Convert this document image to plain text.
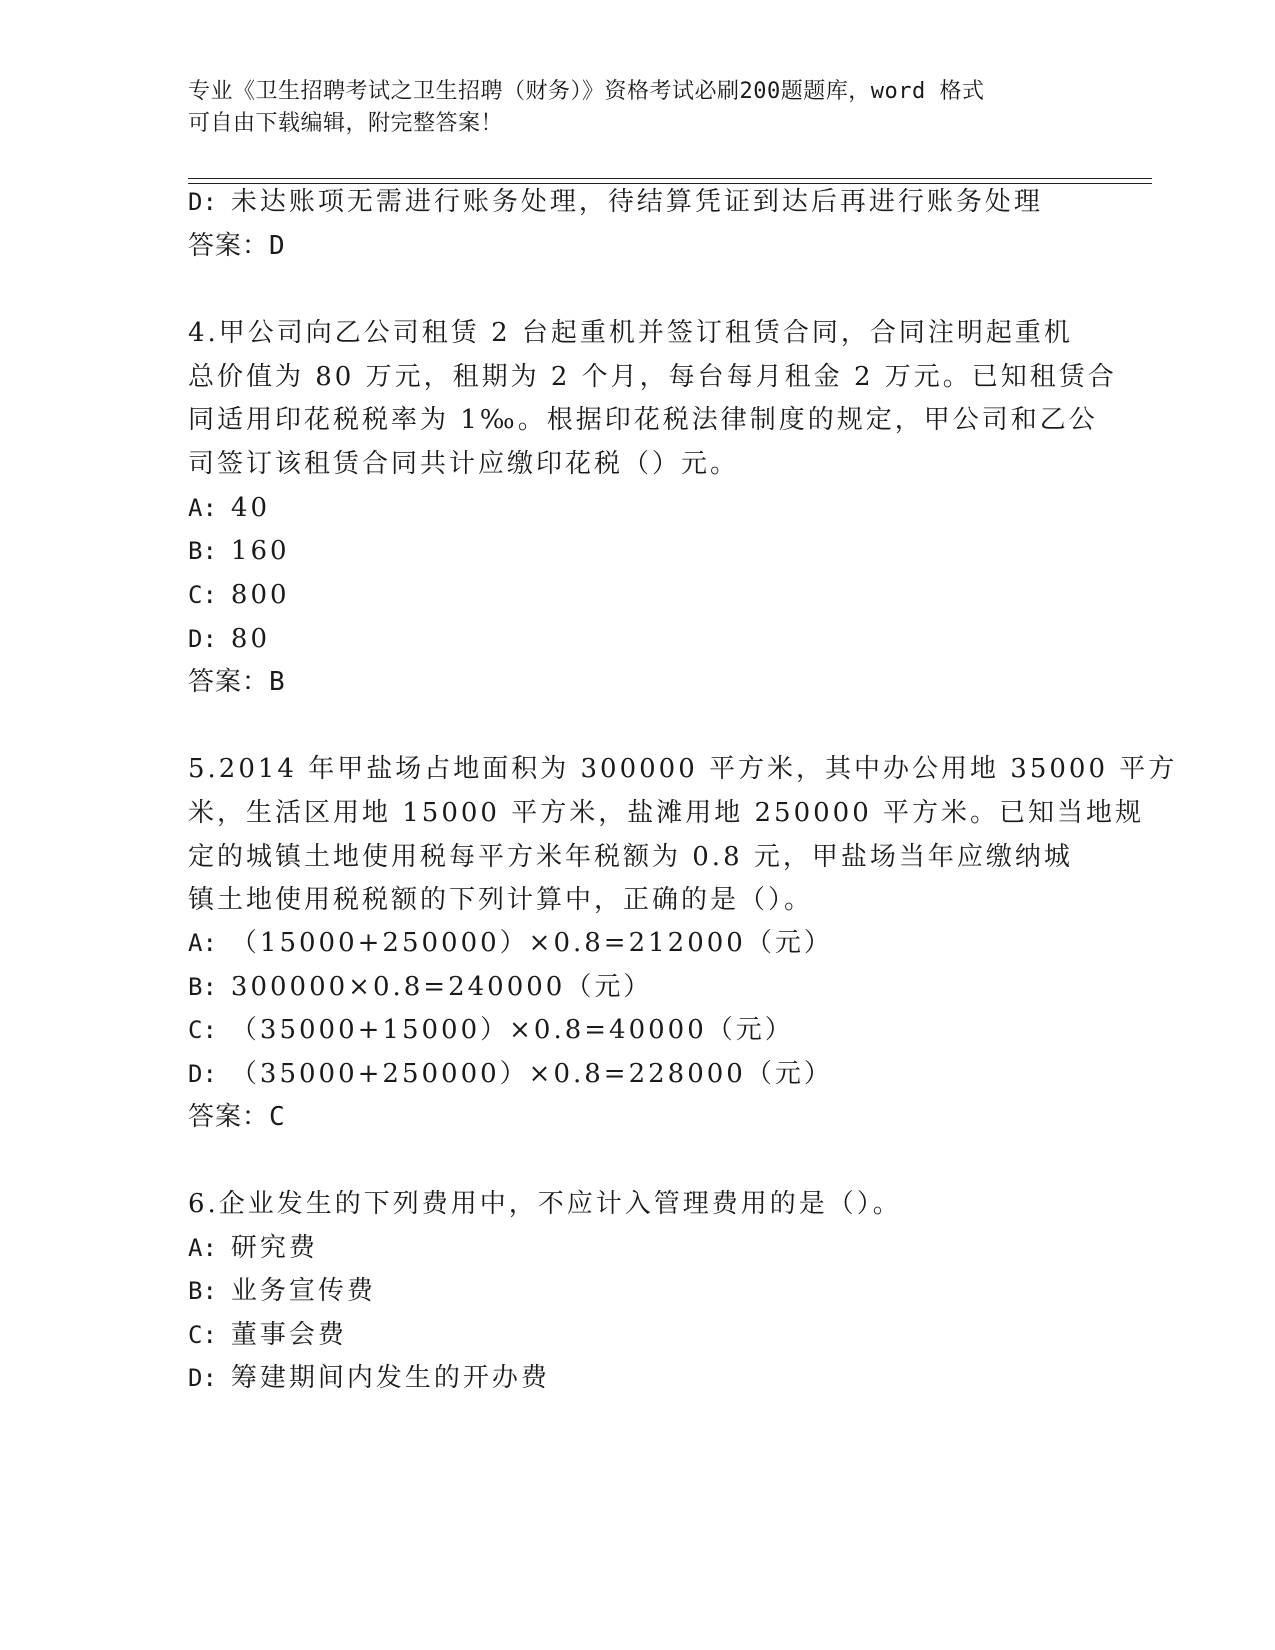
专业《卫生招聘考试之卫生招聘（财务）》资格考试必刷200题题库，word 格式
可自由下载编辑，附完整答案！
D: 未达账项无需进行账务处理，待结算凭证到达后再进行账务处理
答案：D
4.甲公司向乙公司租赁 2 台起重机并签订租赁合同，合同注明起重机
总价值为 80 万元，租期为 2 个月，每台每月租金 2 万元。已知租赁合
同适用印花税税率为 1‰。根据印花税法律制度的规定，甲公司和乙公
司签订该租赁合同共计应缴印花税（）元。
A: 40
B: 160
C: 800
D: 80
答案：B
5.2014 年甲盐场占地面积为 300000 平方米，其中办公用地 35000 平方
米，生活区用地 15000 平方米，盐滩用地 250000 平方米。已知当地规
定的城镇土地使用税每平方米年税额为 0.8 元，甲盐场当年应缴纳城
镇土地使用税税额的下列计算中，正确的是（）。
A: （15000+250000）×0.8=212000（元）
B: 300000×0.8=240000（元）
C: （35000+15000）×0.8=40000（元）
D: （35000+250000）×0.8=228000（元）
答案：C
6.企业发生的下列费用中，不应计入管理费用的是（）。
A: 研究费
B: 业务宣传费
C: 董事会费
D: 筹建期间内发生的开办费
